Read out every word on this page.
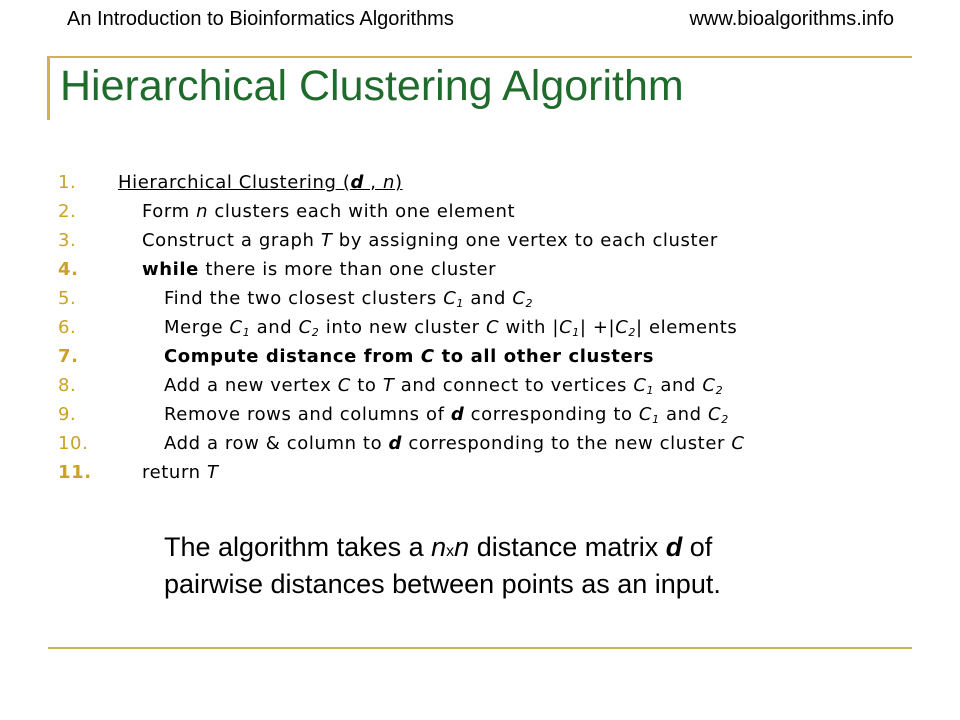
An Introduction to Bioinformatics Algorithms	www.bioalgorithms.info
Hierarchical Clustering Algorithm
1. Hierarchical Clustering (d , n)
2.	Form n clusters each with one element
3.	Construct a graph T by assigning one vertex to each cluster
4.	while there is more than one cluster
5.	Find the two closest clusters $C_1$ and $C_2$
6.	Merge $C_1$ and $C_2$ into new cluster C with $|C_1| +|C_2|$ elements
7.	Compute distance from C to all other clusters
8.	Add a new vertex C to T and connect to vertices $C_1$ and $C_2$
9.	Remove rows and columns of d corresponding to $C_1$ and $C_2$
10.	Add a row & column to d corresponding to the new cluster C
11.	return T

The algorithm takes a nxn distance matrix d of
pairwise distances between points as an input.
